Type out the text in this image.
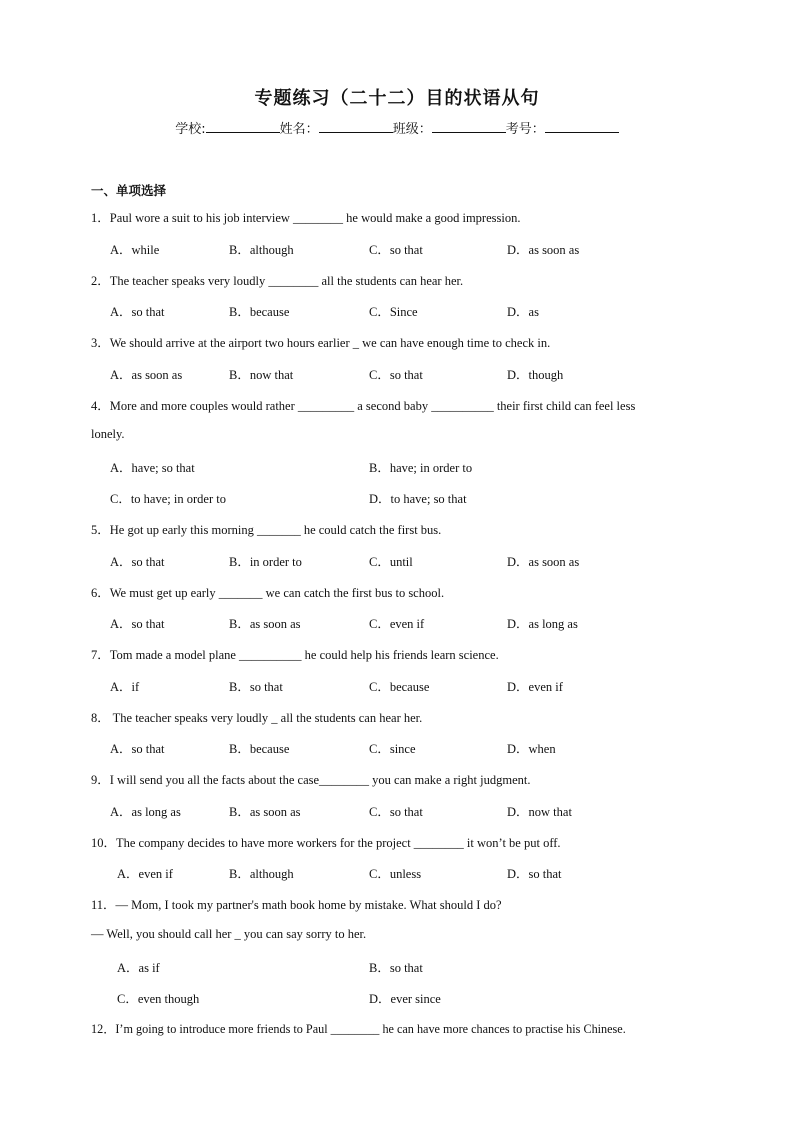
专题练习（二十二）目的状语从句
学校:	姓名：	班级：	考号：
一、单项选择
1．Paul wore a suit to his job interview ________ he would make a good impression.
A．while	B．although	C．so that	D．as soon as
2．The teacher speaks very loudly ________ all the students can hear her.
A．so that	B．because	C．Since	D．as
3．We should arrive at the airport two hours earlier _ we can have enough time to check in.
A．as soon as	B．now that	C．so that	D．though
4．More and more couples would rather _________ a second baby __________ their first child can feel less
lonely.
A．have; so that	B．have; in order to
C．to have; in order to	D．to have; so that
5．He got up early this morning _______ he could catch the first bus.
A．so that	B．in order to	C．until	D．as soon as
6．We must get up early _______ we can catch the first bus to school.
A．so that	B．as soon as	C．even if	D．as long as
7．Tom made a model plane __________ he could help his friends learn science.
A．if	B．so that	C．because	D．even if
8． The teacher speaks very loudly _ all the students can hear her.
A．so that	B．because	C．since	D．when
9．I will send you all the facts about the case________ you can make a right judgment.
A．as long as	B．as soon as	C．so that	D．now that
10．The company decides to have more workers for the project ________ it won’t be put off.
A．even if	B．although	C．unless	D．so that
11．— Mom, I took my partner's math book home by mistake. What should I do?
— Well, you should call her _ you can say sorry to her.
A．as if	B．so that
C．even though	D．ever since
12．I’m going to introduce more friends to Paul ________ he can have more chances to practise his Chinese.
